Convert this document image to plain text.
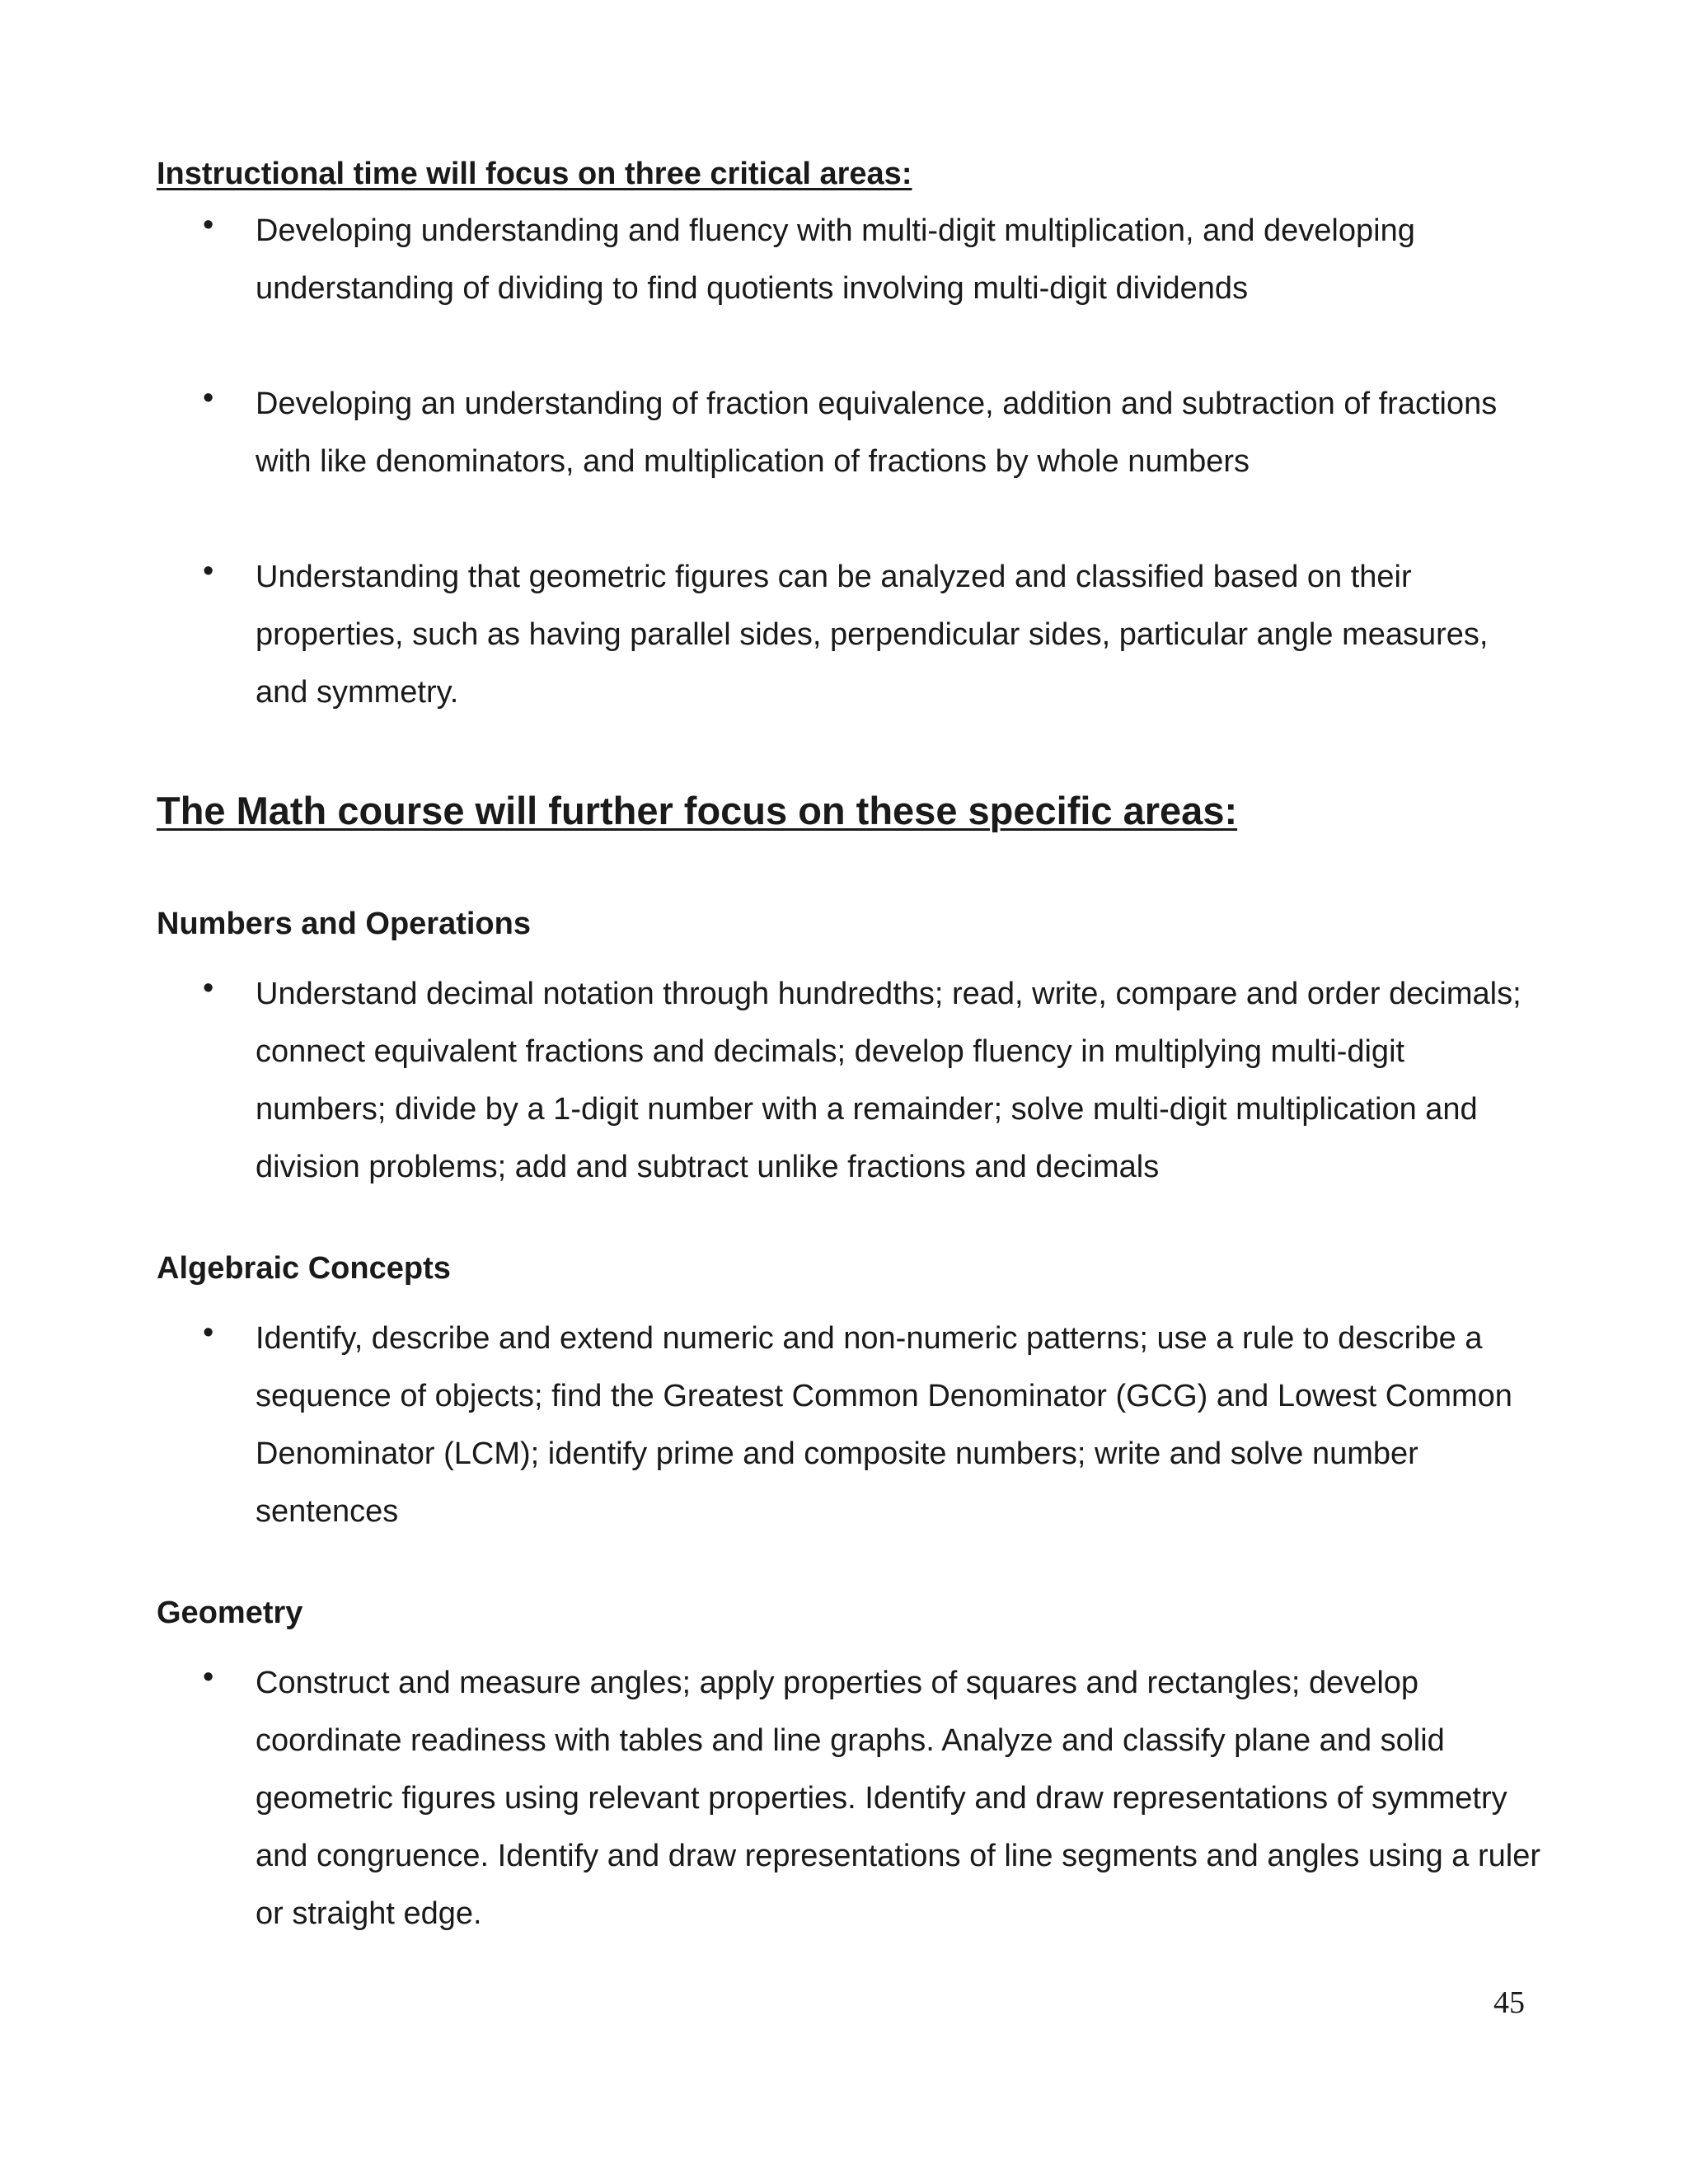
Instructional time will focus on three critical areas:
• Developing understanding and fluency with multi-digit multiplication, and developing understanding of dividing to find quotients involving multi-digit dividends
• Developing an understanding of fraction equivalence, addition and subtraction of fractions with like denominators, and multiplication of fractions by whole numbers
• Understanding that geometric figures can be analyzed and classified based on their properties, such as having parallel sides, perpendicular sides, particular angle measures, and symmetry.
The Math course will further focus on these specific areas:
Numbers and Operations
• Understand decimal notation through hundredths; read, write, compare and order decimals; connect equivalent fractions and decimals; develop fluency in multiplying multi-digit numbers; divide by a 1-digit number with a remainder; solve multi-digit multiplication and division problems; add and subtract unlike fractions and decimals
Algebraic Concepts
• Identify, describe and extend numeric and non-numeric patterns; use a rule to describe a sequence of objects; find the Greatest Common Denominator (GCG) and Lowest Common Denominator (LCM); identify prime and composite numbers; write and solve number sentences
Geometry
• Construct and measure angles; apply properties of squares and rectangles; develop coordinate readiness with tables and line graphs. Analyze and classify plane and solid geometric figures using relevant properties. Identify and draw representations of symmetry and congruence. Identify and draw representations of line segments and angles using a ruler or straight edge.
45
